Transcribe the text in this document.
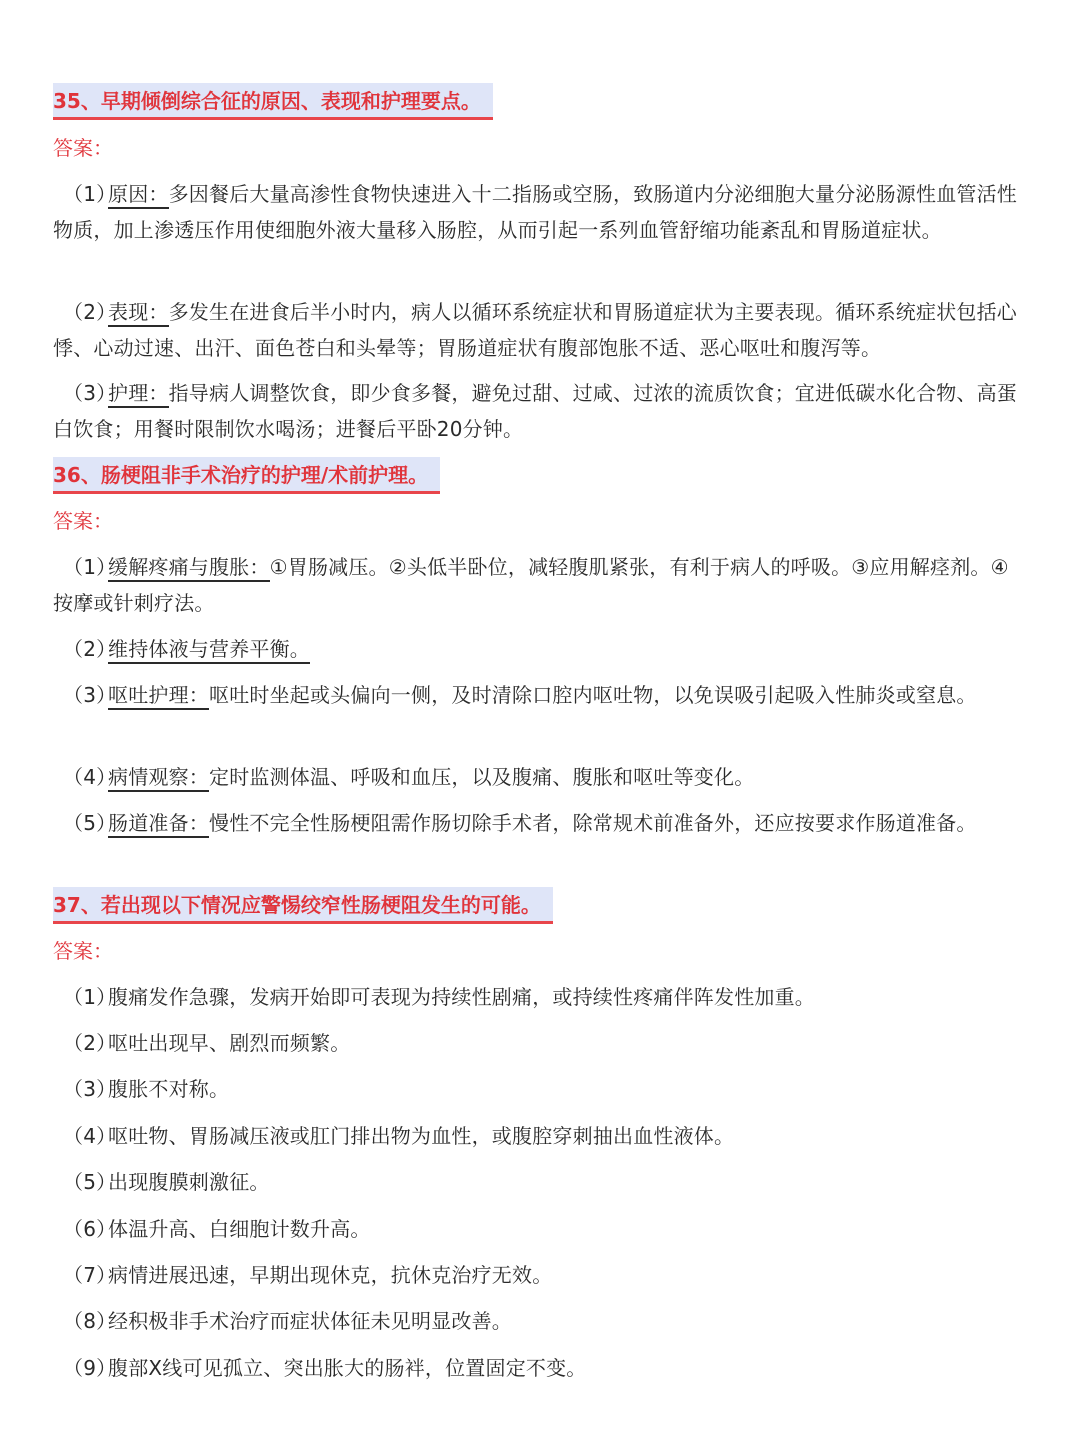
35、早期倾倒综合征的原因、表现和护理要点。
答案：
（1）原因：多因餐后大量高渗性食物快速进入十二指肠或空肠，致肠道内分泌细胞大量分泌肠源性血管活性物质，加上渗透压作用使细胞外液大量移入肠腔，从而引起一系列血管舒缩功能紊乱和胃肠道症状。
（2）表现：多发生在进食后半小时内，病人以循环系统症状和胃肠道症状为主要表现。循环系统症状包括心悸、心动过速、出汗、面色苍白和头晕等；胃肠道症状有腹部饱胀不适、恶心呕吐和腹泻等。
（3）护理：指导病人调整饮食，即少食多餐，避免过甜、过咸、过浓的流质饮食；宜进低碳水化合物、高蛋白饮食；用餐时限制饮水喝汤；进餐后平卧20分钟。
36、肠梗阻非手术治疗的护理/术前护理。
答案：
（1）缓解疼痛与腹胀：①胃肠减压。②头低半卧位，减轻腹肌紧张，有利于病人的呼吸。③应用解痉剂。④按摩或针刺疗法。
（2）维持体液与营养平衡。
（3）呕吐护理：呕吐时坐起或头偏向一侧，及时清除口腔内呕吐物，以免误吸引起吸入性肺炎或窒息。
（4）病情观察：定时监测体温、呼吸和血压，以及腹痛、腹胀和呕吐等变化。
（5）肠道准备：慢性不完全性肠梗阻需作肠切除手术者，除常规术前准备外，还应按要求作肠道准备。
37、若出现以下情况应警惕绞窄性肠梗阻发生的可能。
答案：
（1）腹痛发作急骤，发病开始即可表现为持续性剧痛，或持续性疼痛伴阵发性加重。
（2）呕吐出现早、剧烈而频繁。
（3）腹胀不对称。
（4）呕吐物、胃肠减压液或肛门排出物为血性，或腹腔穿刺抽出血性液体。
（5）出现腹膜刺激征。
（6）体温升高、白细胞计数升高。
（7）病情进展迅速，早期出现休克，抗休克治疗无效。
（8）经积极非手术治疗而症状体征未见明显改善。
（9）腹部X线可见孤立、突出胀大的肠袢，位置固定不变。
